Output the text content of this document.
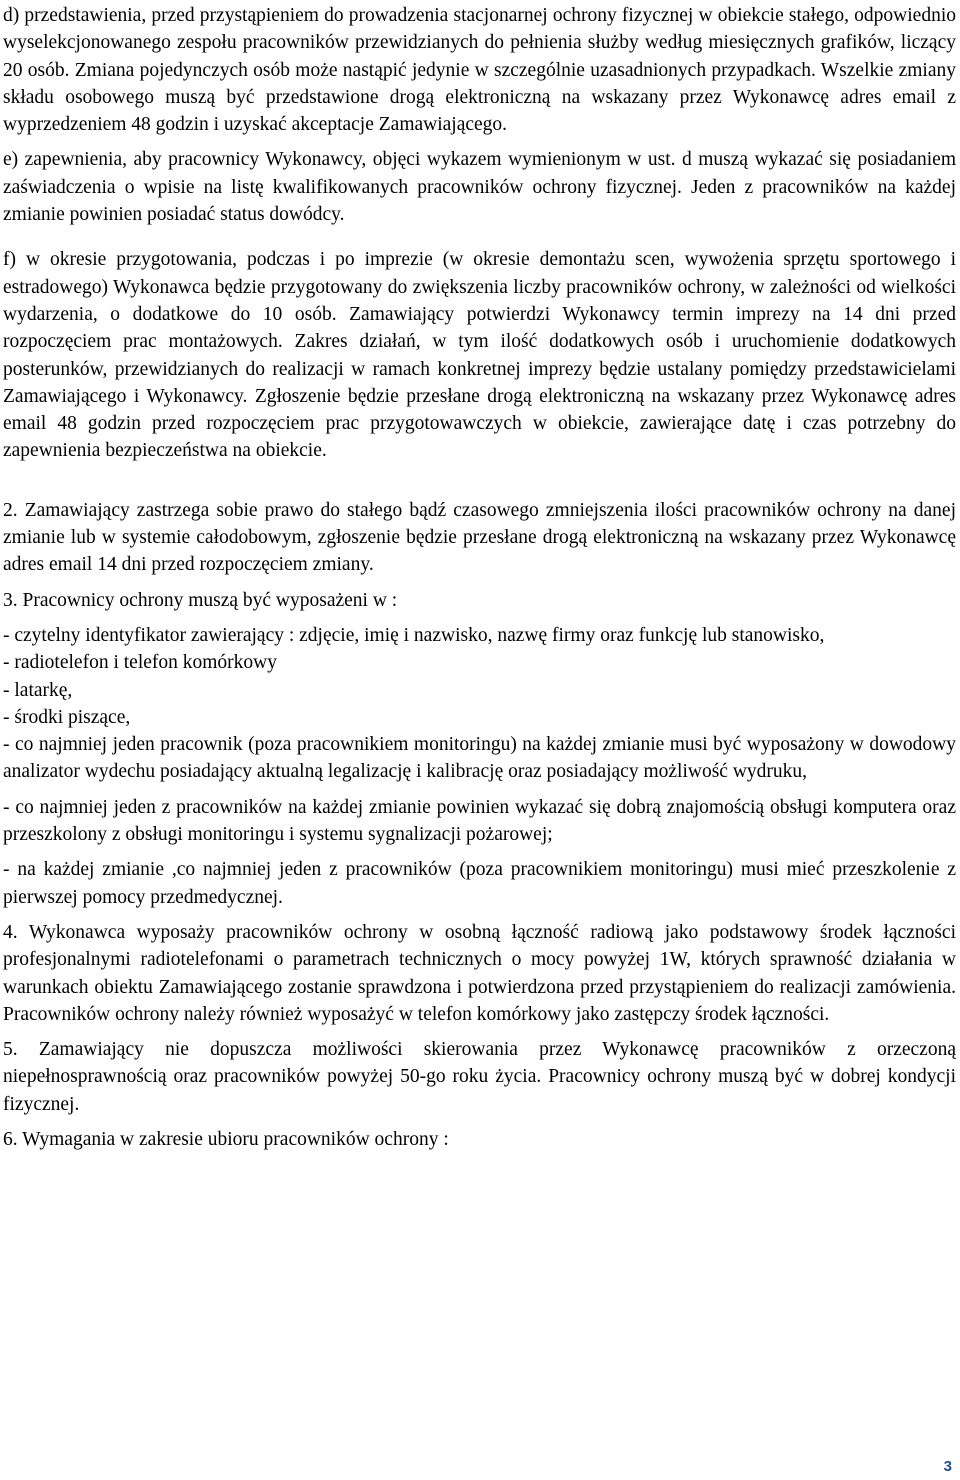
d) przedstawienia, przed przystąpieniem do prowadzenia stacjonarnej ochrony fizycznej w obiekcie stałego, odpowiednio wyselekcjonowanego zespołu pracowników przewidzianych do pełnienia służby według miesięcznych grafików, liczący 20 osób. Zmiana pojedynczych osób może nastąpić jedynie w szczególnie uzasadnionych przypadkach. Wszelkie zmiany składu osobowego muszą być przedstawione drogą elektroniczną na wskazany przez Wykonawcę adres email z wyprzedzeniem 48 godzin i uzyskać akceptacje Zamawiającego.

e) zapewnienia, aby pracownicy Wykonawcy, objęci wykazem wymienionym w ust. d muszą wykazać się posiadaniem zaświadczenia o wpisie na listę kwalifikowanych pracowników ochrony fizycznej. Jeden z pracowników na każdej zmianie powinien posiadać status dowódcy.

f) w okresie przygotowania, podczas i po imprezie (w okresie demontażu scen, wywożenia sprzętu sportowego i estradowego) Wykonawca będzie przygotowany do zwiększenia liczby pracowników ochrony, w zależności od wielkości wydarzenia, o dodatkowe do 10 osób. Zamawiający potwierdzi Wykonawcy termin imprezy na 14 dni przed rozpoczęciem prac montażowych. Zakres działań, w tym ilość dodatkowych osób i uruchomienie dodatkowych posterunków, przewidzianych do realizacji w ramach konkretnej imprezy będzie ustalany pomiędzy przedstawicielami Zamawiającego i Wykonawcy. Zgłoszenie będzie przesłane drogą elektroniczną na wskazany przez Wykonawcę adres email 48 godzin przed rozpoczęciem prac przygotowawczych w obiekcie, zawierające datę i czas potrzebny do zapewnienia bezpieczeństwa na obiekcie.

2. Zamawiający zastrzega sobie prawo do stałego bądź czasowego zmniejszenia ilości pracowników ochrony na danej zmianie lub w systemie całodobowym, zgłoszenie będzie przesłane drogą elektroniczną na wskazany przez Wykonawcę adres email 14 dni przed rozpoczęciem zmiany.

3. Pracownicy ochrony muszą być wyposażeni w :

- czytelny identyfikator zawierający : zdjęcie, imię i nazwisko, nazwę firmy oraz funkcję lub stanowisko,

- radiotelefon i telefon komórkowy

- latarkę,

- środki piszące,

- co najmniej jeden pracownik (poza pracownikiem monitoringu) na każdej zmianie musi być wyposażony w dowodowy analizator wydechu posiadający aktualną legalizację i kalibrację oraz posiadający możliwość wydruku,

- co najmniej jeden z pracowników na każdej zmianie powinien wykazać się dobrą znajomością obsługi komputera oraz przeszkolony z obsługi monitoringu i systemu sygnalizacji pożarowej;

- na każdej zmianie ,co najmniej jeden z pracowników (poza pracownikiem monitoringu) musi mieć przeszkolenie z pierwszej pomocy przedmedycznej.

4. Wykonawca wyposaży pracowników ochrony w osobną łączność radiową jako podstawowy środek łączności profesjonalnymi radiotelefonami o parametrach technicznych o mocy powyżej 1W, których sprawność działania w warunkach obiektu Zamawiającego zostanie sprawdzona i potwierdzona przed przystąpieniem do realizacji zamówienia. Pracowników ochrony należy również wyposażyć w telefon komórkowy jako zastępczy środek łączności.

5. Zamawiający nie dopuszcza możliwości skierowania przez Wykonawcę pracowników z orzeczoną niepełnosprawnością oraz pracowników powyżej 50-go roku życia. Pracownicy ochrony muszą być w dobrej kondycji fizycznej.

6. Wymagania w zakresie ubioru pracowników ochrony :

3
